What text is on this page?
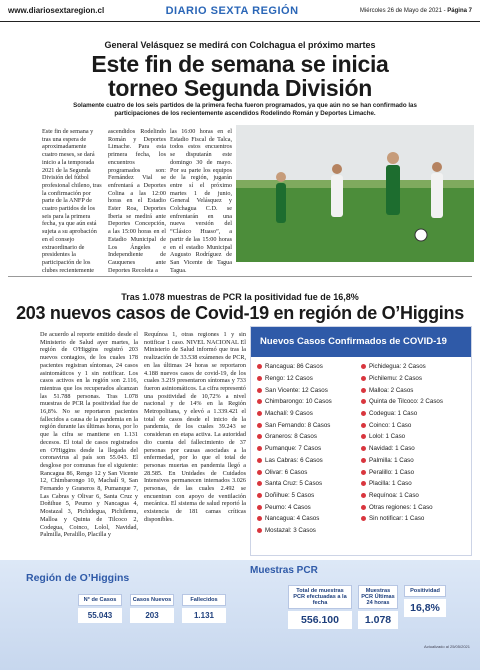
www.diariosextaregion.cl	DIARIO SEXTA REGIÓN	Miércoles 26 de Mayo de 2021 - Página 7
General Velásquez se medirá con Colchagua el próximo martes
Este fin de semana se inicia
torneo Segunda División
Solamente cuatro de los seis partidos de la primera fecha fueron programados, ya que aún no se han confirmado las participaciones de los recientemente ascendidos Rodelindo Román y Deportes Limache.
Este fin de semana y tras una espera de aproximadamente cuatro meses, se dará inicio a la temporada 2021 de la Segunda División del fútbol profesional chileno, tras la confirmación por parte de la ANFP de cuatro partidos de los seis para la primera fecha, ya que aún está sujeta a su aprobación en el consejo extraordinario de presidentes la participación de los clubes recientemente
ascendidos Rodelindo Román y Deportes Limache. Para esta primera fecha, los encuentros programados son: Fernández Vial se enfrentará a Deportes Colina a las 12:00 horas en el Estadio Ester Roa, Deportes Iberia se medirá ante Deportes Concepción, a las 15:00 horas en el Estadio Municipal de Los Ángeles e Independiente de Cauquenes ante Deportes Recoleta a
las 16:00 horas en el Estadio Fiscal de Talca, todos estos encuentros se disputarán este domingo 30 de mayo. Por su parte los equipos de la región, jugarán entre sí el próximo martes 1 de junio, General Velásquez y Colchagua C.D. se enfrentarán en una nueva versión del “Clásico Huaso”, a partir de las 15:00 horas en el estadio Municipal Augusto Rodríguez de San Vicente de Tagua Tagua.
Tras 1.078 muestras de PCR la positividad fue de 16,8%
203 nuevos casos de Covid-19 en región de O’Higgins
De acuerdo al reporte emitido desde el Ministerio de Salud ayer martes, la región de O'Higgins registró 203 nuevos contagios, de los cuales 178 pacientes registran síntomas, 24 casos asintomáticos y 1 sin notificar. Los casos activos en la región son 2.116, mientras que los recuperados alcanzan las 51.788 personas. Tras 1.078 muestras de PCR la positividad fue de 16,8%. No se reportaron pacientes fallecidos a causa de la pandemia en la región durante las últimas horas, por lo que la cifra se mantiene en 1.131 decesos. El total de casos registrados en O'Higgins desde la llegada del coronavirus al país son 55.043. El desglose por comunas fue el siguiente: Rancagua 86, Rengo 12 y San Vicente 12, Chimbarongo 10, Machalí 9, San Fernando y Graneros 8, Pumanque 7, Las Cabras y Olivar 6, Santa Cruz y Doñihue 5, Peumo y Nancagua 4, Mostazal 3, Pichidegua, Pichilemu, Malloa y Quinta de Tilcoco 2, Codegua, Coinco, Lolol, Navidad, Palmilla, Peralillo, Placilla y
Requínoa 1, otras regiones 1 y sin notificar 1 caso. NIVEL NACIONAL El Ministerio de Salud informó que tras la realización de 33.538 exámenes de PCR, en las últimas 24 horas se reportaron 4.188 nuevos casos de covid-19, de los cuales 3.219 presentaron síntomas y 733 fueron asintomáticos. La cifra representó una positividad de 10,72% a nivel nacional y de 14% en la Región Metropolitana, y elevó a 1.339.421 el total de casos desde el inicio de la pandemia, de los cuales 39.243 se consideran en etapa activa. La autoridad dio cuenta del fallecimiento de 37 personas por causas asociadas a la enfermedad, por lo que el total de personas muertas en pandemia llegó a 28.585. En Unidades de Cuidados Intensivos permanecen internados 3.026 personas, de las cuales 2.492 se encuentran con apoyo de ventilación mecánica. El sistema de salud reportó la existencia de 181 camas críticas disponibles.
Nuevos Casos Confirmados de COVID-19
Rancagua: 86 Casos
Rengo: 12 Casos
San Vicente: 12 Casos
Chimbarongo: 10 Casos
Machalí: 9 Casos
San Fernando: 8 Casos
Graneros: 8 Casos
Pumanque: 7 Casos
Las Cabras: 6 Casos
Olivar: 6 Casos
Santa Cruz: 5 Casos
Doñihue: 5 Casos
Peumo: 4 Casos
Nancagua: 4 Casos
Mostazal: 3 Casos
Pichidegua: 2 Casos
Pichilemu: 2 Casos
Malloa: 2 Casos
Quinta de Tilcoco: 2 Casos
Codegua: 1 Caso
Coinco: 1 Caso
Lolol: 1 Caso
Navidad: 1 Caso
Palmilla: 1 Caso
Peralillo: 1 Caso
Placilla: 1 Caso
Requínoa: 1 Caso
Otras regiones: 1 Caso
Sin notificar: 1 Caso
Región de O’Higgins
N° de Casos
55.043
Casos Nuevos
203
Fallecidos
1.131
Muestras PCR
Total de muestras PCR efectuadas a la fecha
556.100
Muestras PCR Últimas 24 horas
1.078
Positividad
16,8%
Actualizado al 25/05/2021
